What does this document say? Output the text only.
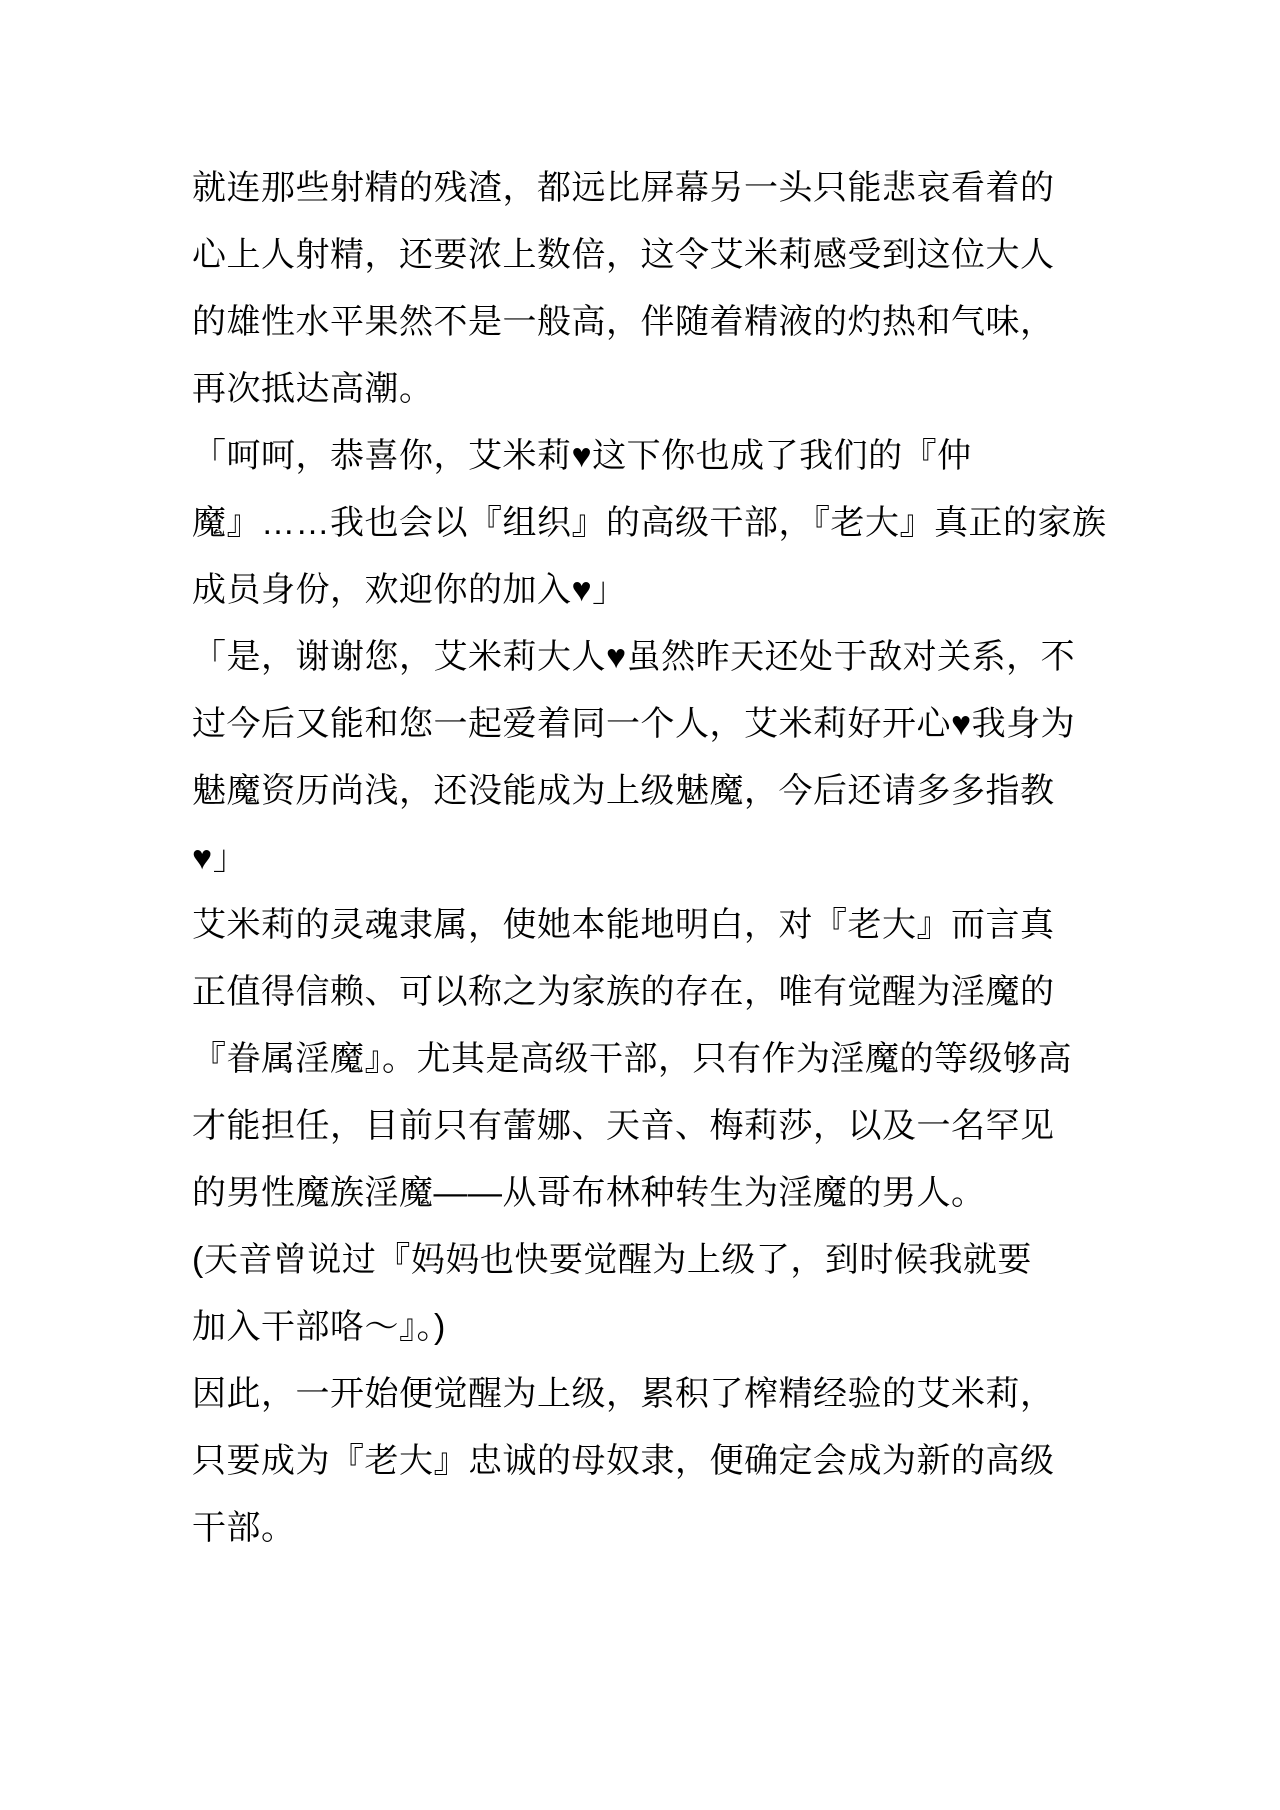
就连那些射精的残渣，都远比屏幕另一头只能悲哀看着的
心上人射精，还要浓上数倍，这令艾米莉感受到这位大人
的雄性水平果然不是一般高，伴随着精液的灼热和气味，
再次抵达高潮。
「呵呵，恭喜你，艾米莉♥这下你也成了我们的『仲
魔』……我也会以『组织』的高级干部，『老大』真正的家族
成员身份，欢迎你的加入♥」
「是，谢谢您，艾米莉大人♥虽然昨天还处于敌对关系，不
过今后又能和您一起爱着同一个人，艾米莉好开心♥我身为
魅魔资历尚浅，还没能成为上级魅魔，今后还请多多指教
♥」
艾米莉的灵魂隶属，使她本能地明白，对『老大』而言真
正值得信赖、可以称之为家族的存在，唯有觉醒为淫魔的
『眷属淫魔』。尤其是高级干部，只有作为淫魔的等级够高
才能担任，目前只有蕾娜、天音、梅莉莎，以及一名罕见
的男性魔族淫魔——从哥布林种转生为淫魔的男人。
(天音曾说过『妈妈也快要觉醒为上级了，到时候我就要
加入干部咯～』。)
因此，一开始便觉醒为上级，累积了榨精经验的艾米莉，
只要成为『老大』忠诚的母奴隶，便确定会成为新的高级
干部。
